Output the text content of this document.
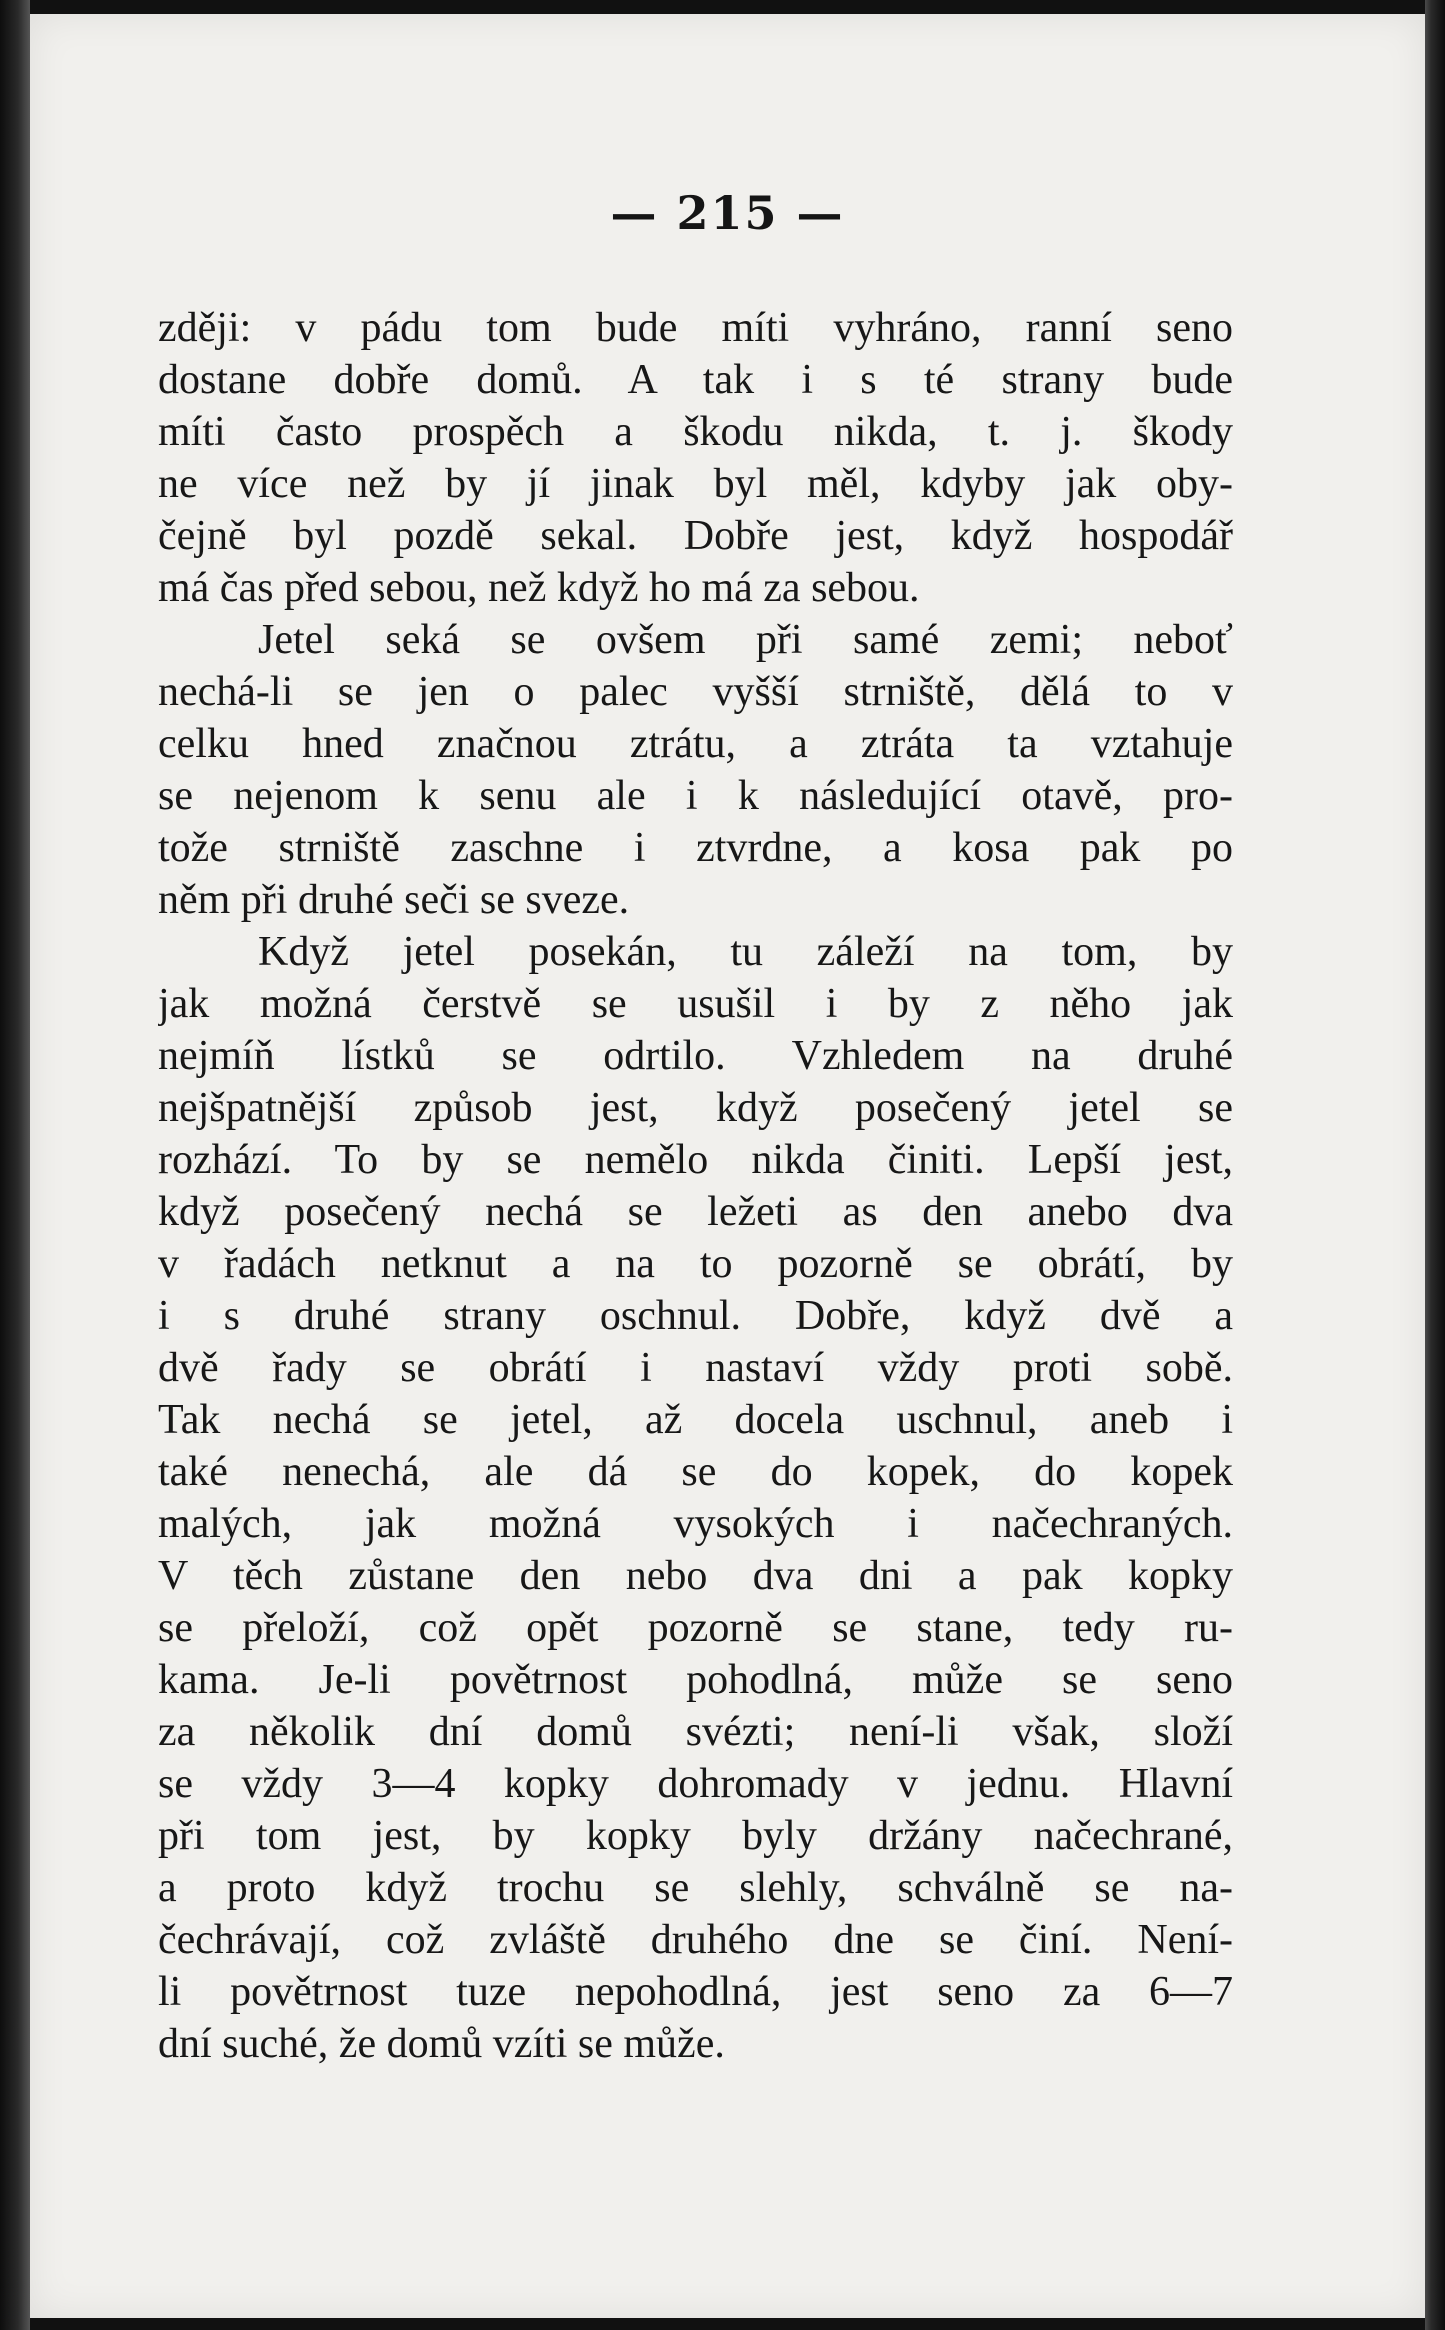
— 215 —
zději: v pádu tom bude míti vyhráno, ranní seno
dostane dobře domů. A tak i s té strany bude
míti často prospěch a škodu nikda, t. j. škody
ne více než by jí jinak byl měl, kdyby jak oby-
čejně byl pozdě sekal. Dobře jest, když hospodář
má čas před sebou, než když ho má za sebou.
Jetel seká se ovšem při samé zemi; neboť
nechá-li se jen o palec vyšší strniště, dělá to v
celku hned značnou ztrátu, a ztráta ta vztahuje
se nejenom k senu ale i k následující otavě, pro-
tože strniště zaschne i ztvrdne, a kosa pak po
něm při druhé seči se sveze.
Když jetel posekán, tu záleží na tom, by
jak možná čerstvě se usušil i by z něho jak
nejmíň lístků se odrtilo. Vzhledem na druhé
nejšpatnější způsob jest, když posečený jetel se
rozhází. To by se nemělo nikda činiti. Lepší jest,
když posečený nechá se ležeti as den anebo dva
v řadách netknut a na to pozorně se obrátí, by
i s druhé strany oschnul. Dobře, když dvě a
dvě řady se obrátí i nastaví vždy proti sobě.
Tak nechá se jetel, až docela uschnul, aneb i
také nenechá, ale dá se do kopek, do kopek
malých, jak možná vysokých i načechraných.
V těch zůstane den nebo dva dni a pak kopky
se přeloží, což opět pozorně se stane, tedy ru-
kama. Je-li povětrnost pohodlná, může se seno
za několik dní domů svézti; není-li však, složí
se vždy 3—4 kopky dohromady v jednu. Hlavní
při tom jest, by kopky byly držány načechrané,
a proto když trochu se slehly, schválně se na-
čechrávají, což zvláště druhého dne se činí. Není-
li povětrnost tuze nepohodlná, jest seno za 6—7
dní suché, že domů vzíti se může.
